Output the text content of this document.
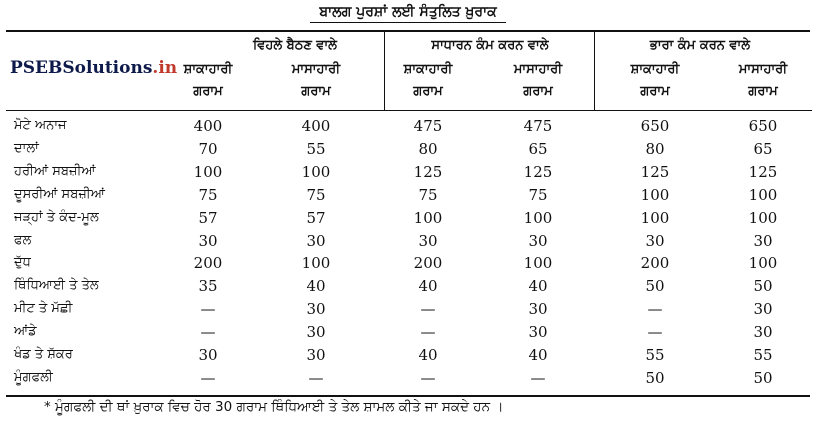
ਬਾਲਗ ਪੁਰਸ਼ਾਂ ਲਈ ਸੰਤੁਲਿਤ ਖ਼ੁਰਾਕ
PSEBSolutions.in
ਵਿਹਲੇ ਬੈਠਣ ਵਾਲੇ	ਸਾਧਾਰਨ ਕੰਮ ਕਰਨ ਵਾਲੇ	ਭਾਰਾ ਕੰਮ ਕਰਨ ਵਾਲੇ
ਸ਼ਾਕਾਹਾਰੀ	ਮਾਸਾਹਾਰੀ	ਸ਼ਾਕਾਹਾਰੀ	ਮਾਸਾਹਾਰੀ	ਸ਼ਾਕਾਹਾਰੀ	ਮਾਸਾਹਾਰੀ
ਗਰਾਮ	ਗਰਾਮ	ਗਰਾਮ	ਗਰਾਮ	ਗਰਾਮ	ਗਰਾਮ
ਮੋਟੇ ਅਨਾਜ	400	400	475	475	650	650
ਦਾਲਾਂ	70	55	80	65	80	65
ਹਰੀਆਂ ਸਬਜ਼ੀਆਂ	100	100	125	125	125	125
ਦੂਸਰੀਆਂ ਸਬਜ਼ੀਆਂ	75	75	75	75	100	100
ਜੜ੍ਹਾਂ ਤੇ ਕੰਦ-ਮੂਲ	57	57	100	100	100	100
ਫਲ	30	30	30	30	30	30
ਦੁੱਧ	200	100	200	100	200	100
ਥਿੰਧਿਆਈ ਤੇ ਤੇਲ	35	40	40	40	50	50
ਮੀਟ ਤੇ ਮੱਛੀ	—	30	—	30	—	30
ਆਂਡੇ	—	30	—	30	—	30
ਖੰਡ ਤੇ ਸ਼ੱਕਰ	30	30	40	40	55	55
ਮੂੰਗਫਲੀ	—	—	—	—	50	50
* ਮੂੰਗਫਲੀ ਦੀ ਥਾਂ ਖ਼ੁਰਾਕ ਵਿਚ ਹੋਰ 30 ਗਰਾਮ ਥਿੰਧਿਆਈ ਤੇ ਤੇਲ ਸ਼ਾਮਲ ਕੀਤੇ ਜਾ ਸਕਦੇ ਹਨ ।
